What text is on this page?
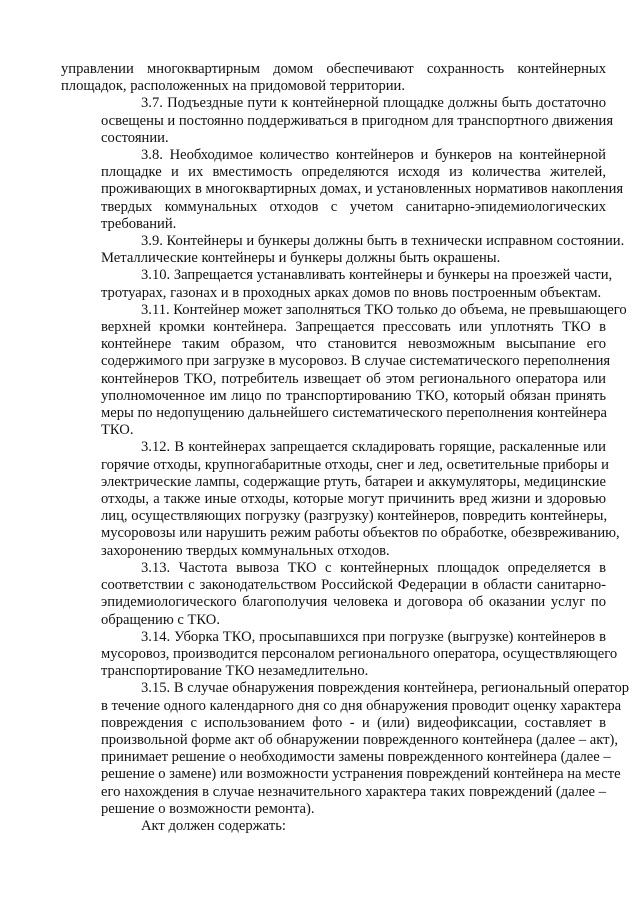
управлении многоквартирным домом обеспечивают сохранность контейнерных
площадок, расположенных на придомовой территории.
3.7. Подъездные пути к контейнерной площадке должны быть достаточно
освещены и постоянно поддерживаться в пригодном для транспортного движения
состоянии.
3.8. Необходимое количество контейнеров и бункеров на контейнерной
площадке и их вместимость определяются исходя из количества жителей,
проживающих в многоквартирных домах, и установленных нормативов накопления
твердых коммунальных отходов с учетом санитарно-эпидемиологических
требований.
3.9. Контейнеры и бункеры должны быть в технически исправном состоянии.
Металлические контейнеры и бункеры должны быть окрашены.
3.10. Запрещается устанавливать контейнеры и бункеры на проезжей части,
тротуарах, газонах и в проходных арках домов по вновь построенным объектам.
3.11. Контейнер может заполняться ТКО только до объема, не превышающего
верхней кромки контейнера. Запрещается прессовать или уплотнять ТКО в
контейнере таким образом, что становится невозможным высыпание его
содержимого при загрузке в мусоровоз. В случае систематического переполнения
контейнеров ТКО, потребитель извещает об этом регионального оператора или
уполномоченное им лицо по транспортированию ТКО, который обязан принять
меры по недопущению дальнейшего систематического переполнения контейнера
ТКО.
3.12. В контейнерах запрещается складировать горящие, раскаленные или
горячие отходы, крупногабаритные отходы, снег и лед, осветительные приборы и
электрические лампы, содержащие ртуть, батареи и аккумуляторы, медицинские
отходы, а также иные отходы, которые могут причинить вред жизни и здоровью
лиц, осуществляющих погрузку (разгрузку) контейнеров, повредить контейнеры,
мусоровозы или нарушить режим работы объектов по обработке, обезвреживанию,
захоронению твердых коммунальных отходов.
3.13. Частота вывоза ТКО с контейнерных площадок определяется в
соответствии с законодательством Российской Федерации в области санитарно-
эпидемиологического благополучия человека и договора об оказании услуг по
обращению с ТКО.
3.14. Уборка ТКО, просыпавшихся при погрузке (выгрузке) контейнеров в
мусоровоз, производится персоналом регионального оператора, осуществляющего
транспортирование ТКО незамедлительно.
3.15. В случае обнаружения повреждения контейнера, региональный оператор
в течение одного календарного дня со дня обнаружения проводит оценку характера
повреждения с использованием фото - и (или) видеофиксации, составляет в
произвольной форме акт об обнаружении поврежденного контейнера (далее – акт),
принимает решение о необходимости замены поврежденного контейнера (далее –
решение о замене) или возможности устранения повреждений контейнера на месте
его нахождения в случае незначительного характера таких повреждений (далее –
решение о возможности ремонта).
Акт должен содержать:
